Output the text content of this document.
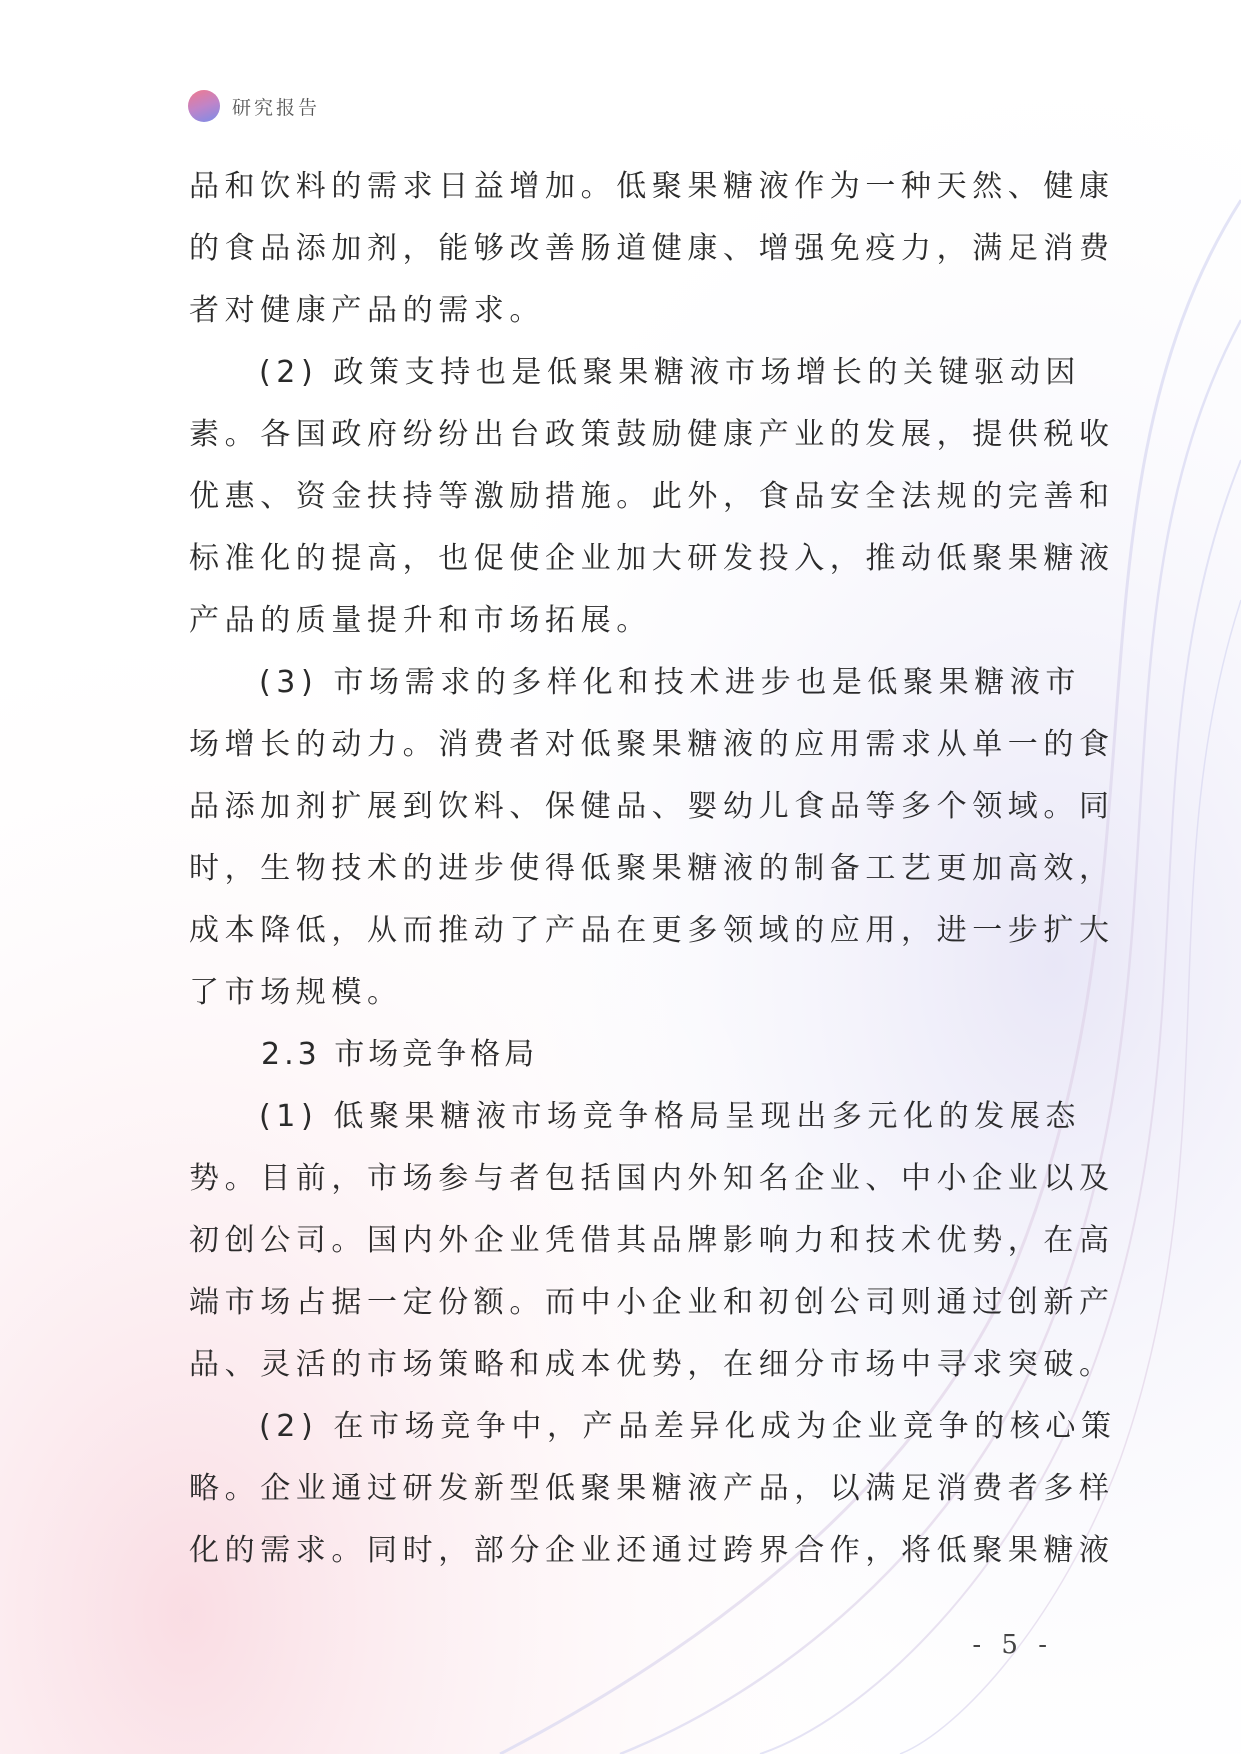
研究报告
品和饮料的需求日益增加。低聚果糖液作为一种天然、健康
的食品添加剂，能够改善肠道健康、增强免疫力，满足消费
者对健康产品的需求。
(2) 政策支持也是低聚果糖液市场增长的关键驱动因
素。各国政府纷纷出台政策鼓励健康产业的发展，提供税收
优惠、资金扶持等激励措施。此外，食品安全法规的完善和
标准化的提高，也促使企业加大研发投入，推动低聚果糖液
产品的质量提升和市场拓展。
(3) 市场需求的多样化和技术进步也是低聚果糖液市
场增长的动力。消费者对低聚果糖液的应用需求从单一的食
品添加剂扩展到饮料、保健品、婴幼儿食品等多个领域。同
时，生物技术的进步使得低聚果糖液的制备工艺更加高效，
成本降低，从而推动了产品在更多领域的应用，进一步扩大
了市场规模。
2.3 市场竞争格局
(1) 低聚果糖液市场竞争格局呈现出多元化的发展态
势。目前，市场参与者包括国内外知名企业、中小企业以及
初创公司。国内外企业凭借其品牌影响力和技术优势，在高
端市场占据一定份额。而中小企业和初创公司则通过创新产
品、灵活的市场策略和成本优势，在细分市场中寻求突破。
(2) 在市场竞争中，产品差异化成为企业竞争的核心策
略。企业通过研发新型低聚果糖液产品，以满足消费者多样
化的需求。同时，部分企业还通过跨界合作，将低聚果糖液
- 5 -
